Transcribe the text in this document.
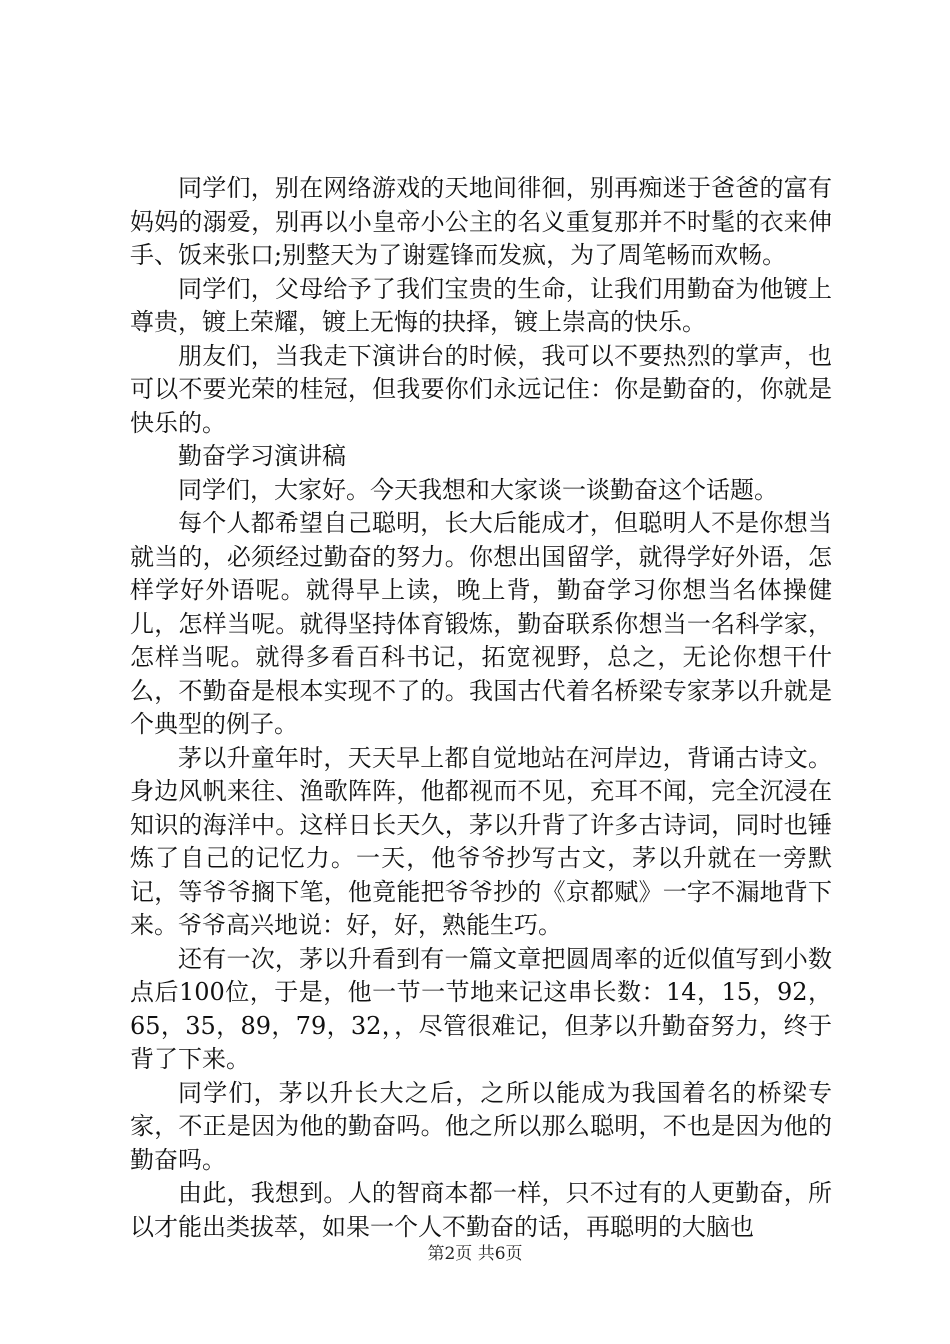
同学们，别在网络游戏的天地间徘徊，别再痴迷于爸爸的富有妈妈的溺爱，别再以小皇帝小公主的名义重复那并不时髦的衣来伸手、饭来张口;别整天为了谢霆锋而发疯，为了周笔畅而欢畅。

同学们，父母给予了我们宝贵的生命，让我们用勤奋为他镀上尊贵，镀上荣耀，镀上无悔的抉择，镀上崇高的快乐。

朋友们，当我走下演讲台的时候，我可以不要热烈的掌声，也可以不要光荣的桂冠，但我要你们永远记住：你是勤奋的，你就是快乐的。

勤奋学习演讲稿

同学们，大家好。今天我想和大家谈一谈勤奋这个话题。

每个人都希望自己聪明，长大后能成才，但聪明人不是你想当就当的，必须经过勤奋的努力。你想出国留学，就得学好外语，怎样学好外语呢。就得早上读，晚上背，勤奋学习你想当名体操健儿，怎样当呢。就得坚持体育锻炼，勤奋联系你想当一名科学家，怎样当呢。就得多看百科书记，拓宽视野，总之，无论你想干什么，不勤奋是根本实现不了的。我国古代着名桥梁专家茅以升就是个典型的例子。

茅以升童年时，天天早上都自觉地站在河岸边，背诵古诗文。身边风帆来往、渔歌阵阵，他都视而不见，充耳不闻，完全沉浸在知识的海洋中。这样日长天久，茅以升背了许多古诗词，同时也锤炼了自己的记忆力。一天，他爷爷抄写古文，茅以升就在一旁默记，等爷爷搁下笔，他竟能把爷爷抄的《京都赋》一字不漏地背下来。爷爷高兴地说：好，好，熟能生巧。

还有一次，茅以升看到有一篇文章把圆周率的近似值写到小数点后100位，于是，他一节一节地来记这串长数：14，15，92，65，35，89，79，32，，尽管很难记，但茅以升勤奋努力，终于背了下来。

同学们，茅以升长大之后，之所以能成为我国着名的桥梁专家，不正是因为他的勤奋吗。他之所以那么聪明，不也是因为他的勤奋吗。

由此，我想到。人的智商本都一样，只不过有的人更勤奋，所以才能出类拔萃，如果一个人不勤奋的话，再聪明的大脑也

第2页 共6页
